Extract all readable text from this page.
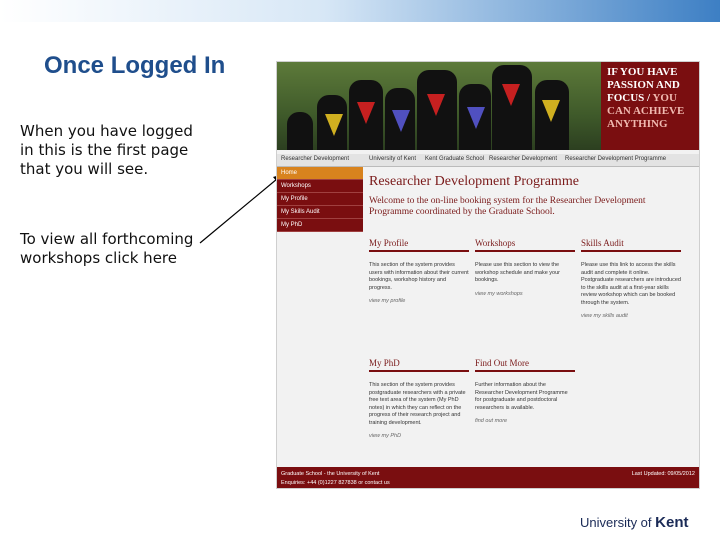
Once Logged In
When you have logged in this is the first page that you will see.
To view all forthcoming workshops click here
IF YOU HAVE PASSION AND FOCUS / YOU CAN ACHIEVE ANYTHING
Researcher Development	University of Kent Kent Graduate School Researcher Development Researcher Development Programme
Home
Workshops
My Profile
My Skills Audit
My PhD
Researcher Development Programme
Welcome to the on-line booking system for the Researcher Development Programme coordinated by the Graduate School.
My Profile
This section of the system provides users with information about their current bookings, workshop history and progress.
view my profile
Workshops
Please use this section to view the workshop schedule and make your bookings.
view my workshops
Skills Audit
Please use this link to access the skills audit and complete it online. Postgraduate researchers are introduced to the skills audit at a first-year skills review workshop which can be booked through the system.
view my skills audit
My PhD
This section of the system provides postgraduate researchers with a private free text area of the system (My PhD notes) in which they can reflect on the progress of their research project and training development.
view my PhD
Find Out More
Further information about the Researcher Development Programme for postgraduate and postdoctoral researchers is available.
find out more
Graduate School - the University of Kent
Enquiries: +44 (0)1227 827838 or contact us
Last Updated: 09/05/2012
University of Kent
